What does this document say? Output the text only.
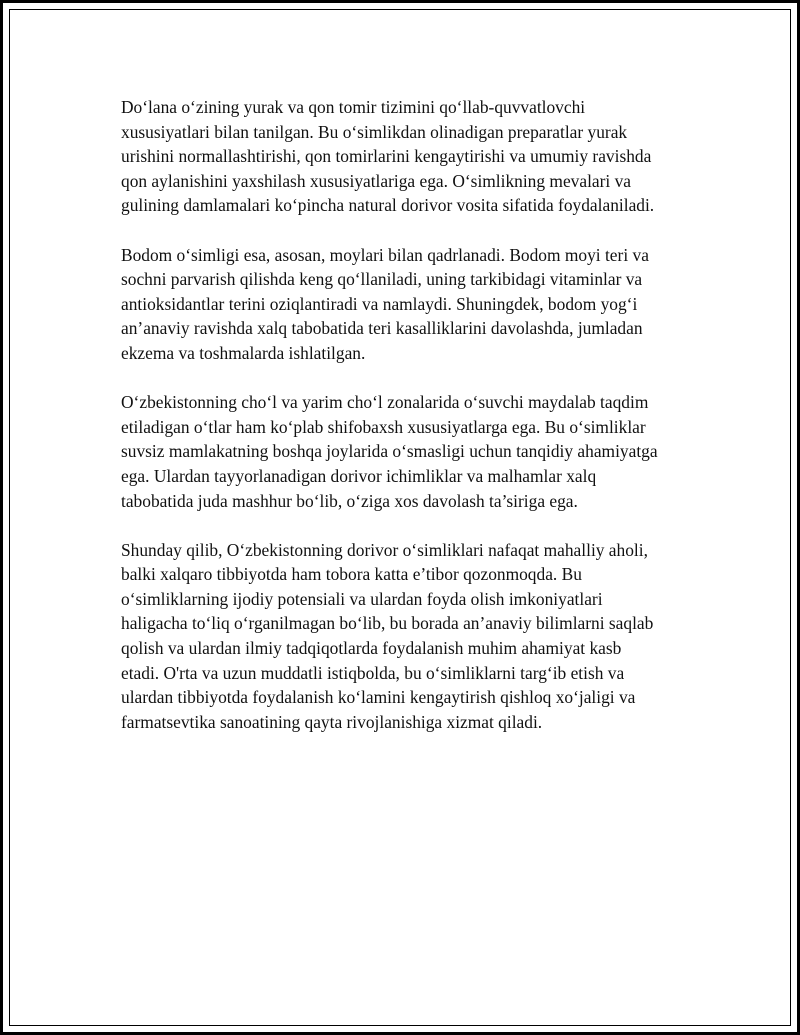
Do‘lana o‘zining yurak va qon tomir tizimini qo‘llab-quvvatlovchi
xususiyatlari bilan tanilgan. Bu o‘simlikdan olinadigan preparatlar yurak
urishini normallashtirishi, qon tomirlarini kengaytirishi va umumiy ravishda
qon aylanishini yaxshilash xususiyatlariga ega. O‘simlikning mevalari va
gulining damlamalari ko‘pincha natural dorivor vosita sifatida foydalaniladi.

Bodom o‘simligi esa, asosan, moylari bilan qadrlanadi. Bodom moyi teri va
sochni parvarish qilishda keng qo‘llaniladi, uning tarkibidagi vitaminlar va
antioksidantlar terini oziqlantiradi va namlaydi. Shuningdek, bodom yog‘i
an’anaviy ravishda xalq tabobatida teri kasalliklarini davolashda, jumladan
ekzema va toshmalarda ishlatilgan.

O‘zbekistonning cho‘l va yarim cho‘l zonalarida o‘suvchi maydalab taqdim
etiladigan o‘tlar ham ko‘plab shifobaxsh xususiyatlarga ega. Bu o‘simliklar
suvsiz mamlakatning boshqa joylarida o‘smasligi uchun tanqidiy ahamiyatga
ega. Ulardan tayyorlanadigan dorivor ichimliklar va malhamlar xalq
tabobatida juda mashhur bo‘lib, o‘ziga xos davolash ta’siriga ega.

Shunday qilib, O‘zbekistonning dorivor o‘simliklari nafaqat mahalliy aholi,
balki xalqaro tibbiyotda ham tobora katta e’tibor qozonmoqda. Bu
o‘simliklarning ijodiy potensiali va ulardan foyda olish imkoniyatlari
haligacha to‘liq o‘rganilmagan bo‘lib, bu borada an’anaviy bilimlarni saqlab
qolish va ulardan ilmiy tadqiqotlarda foydalanish muhim ahamiyat kasb
etadi. O'rta va uzun muddatli istiqbolda, bu o‘simliklarni targ‘ib etish va
ulardan tibbiyotda foydalanish ko‘lamini kengaytirish qishloq xo‘jaligi va
farmatsevtika sanoatining qayta rivojlanishiga xizmat qiladi.
